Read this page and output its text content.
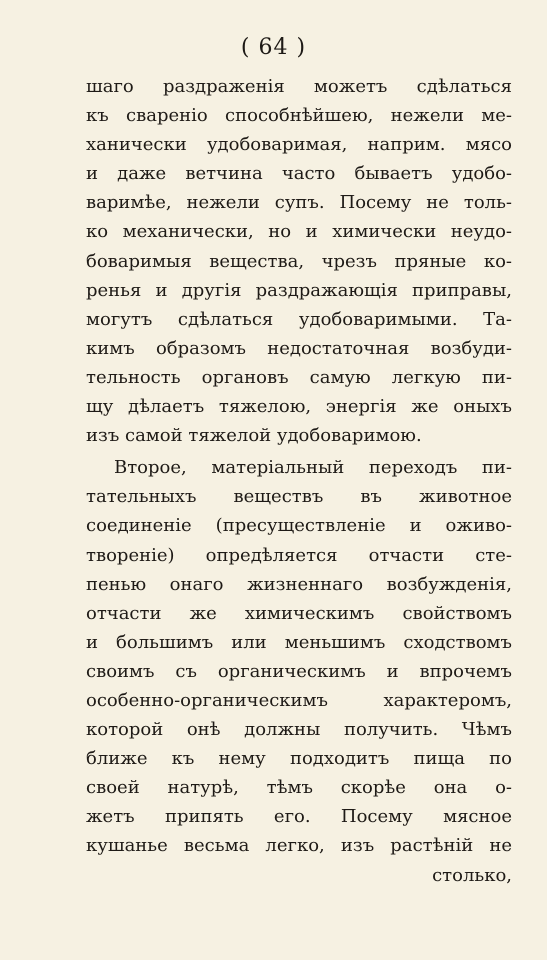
( 64 )
шаго раздраженія можетъ сдѣлаться
къ свареніо способнѣйшею, нежели ме-
ханически удобоваримая, наприм. мясо
и даже ветчина часто бываетъ удобо-
варимѣе, нежели супъ. Посему не толь-
ко механически, но и химически неудо-
боваримыя вещества, чрезъ пряные ко-
ренья и другія раздражающія приправы,
могутъ сдѣлаться удобоваримыми. Та-
кимъ образомъ недостаточная возбуди-
тельность органовъ самую легкую пи-
щу дѣлаетъ тяжелою, энергія же оныхъ
изъ самой тяжелой удобоваримою.
Второе, матеріальный переходъ пи-
тательныхъ веществъ въ животное
соединеніе (пресуществленіе и оживо-
твореніе) опредѣляется отчасти сте-
пенью онаго жизненнаго возбужденія,
отчасти же химическимъ свойствомъ
и большимъ или меньшимъ сходствомъ
своимъ съ органическимъ и впрочемъ
особенно-органическимъ характеромъ,
которой онѣ должны получить. Чѣмъ
ближе къ нему подходитъ пища по
своей натурѣ, тѣмъ скорѣе она о-
жетъ припять его. Посему мясное
кушанье весьма легко, изъ растѣній не
столько,
